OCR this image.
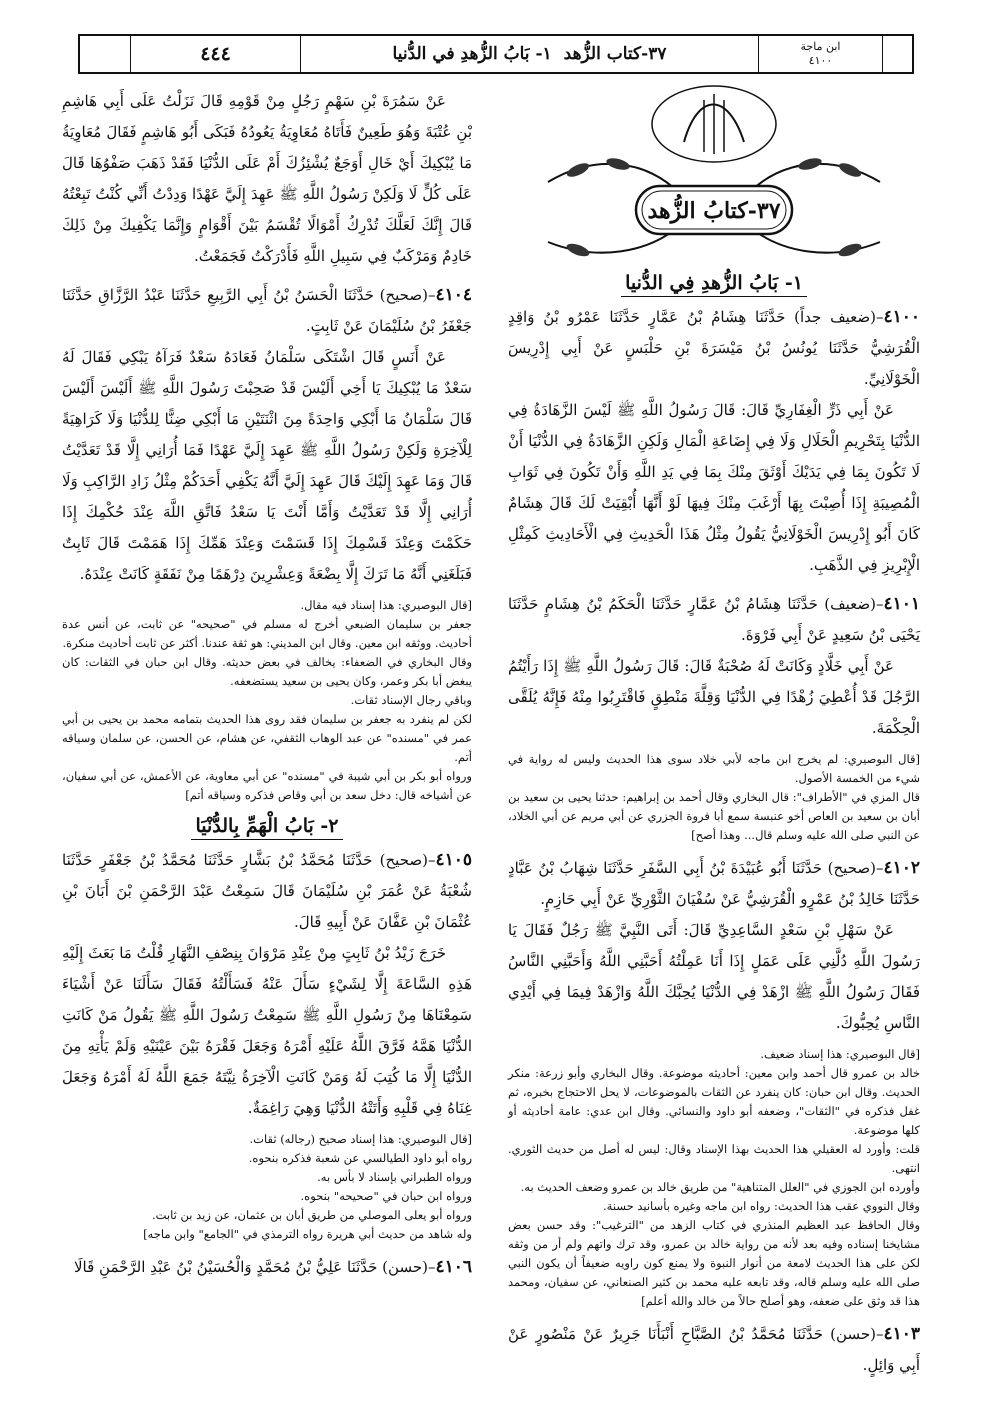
٤٤٤	٣٧-كتاب الزُّهد
١- بَابُ الزُّهدِ في الدُّنيا	ابن ماجة
٤١٠٠
٣٧-كتابُ الزُّهد
١- بَابُ الزُّهدِ فِي الدُّنيا

٤١٠٠–(ضعيف جداً) حَدَّثَنَا هِشَامُ بْنُ عَمَّارٍ حَدَّثَنَا عَمْرُو بْنُ وَاقِدٍ الْقُرَشِيُّ حَدَّثَنَا يُونُسُ بْنُ مَيْسَرَةَ بْنِ حَلْبَسٍ عَنْ أَبِي إِدْرِيسَ الْخَوْلَانِيِّ.

عَنْ أَبِي ذَرٍّ الْغِفَارِيِّ قَالَ: قَالَ رَسُولُ اللَّهِ ﷺ لَيْسَ الزَّهَادَةُ فِي الدُّنْيَا بِتَحْرِيمِ الْحَلَالِ وَلَا فِي إِضَاعَةِ الْمَالِ وَلَكِنِ الزَّهَادَةُ فِي الدُّنْيَا أَنْ لَا تَكُونَ بِمَا فِي يَدَيْكَ أَوْثَقَ مِنْكَ بِمَا فِي يَدِ اللَّهِ وَأَنْ تَكُونَ فِي ثَوَابِ الْمُصِيبَةِ إِذَا أُصِبْتَ بِهَا أَرْغَبَ مِنْكَ فِيهَا لَوْ أَنَّهَا أُبْقِيَتْ لَكَ قَالَ هِشَامٌ كَانَ أَبُو إِدْرِيسَ الْخَوْلَانِيُّ يَقُولُ مِثْلُ هَذَا الْحَدِيثِ فِي الْأَحَادِيثِ كَمِثْلِ الْإِبْرِيزِ فِي الذَّهَبِ.

٤١٠١–(ضعيف) حَدَّثَنَا هِشَامُ بْنُ عَمَّارٍ حَدَّثَنَا الْحَكَمُ بْنُ هِشَامٍ حَدَّثَنَا يَحْيَى بْنُ سَعِيدٍ عَنْ أَبِي فَرْوَةَ.

عَنْ أَبِي خَلَّادٍ وَكَانَتْ لَهُ صُحْبَةٌ قَالَ: قَالَ رَسُولُ اللَّهِ ﷺ إِذَا رَأَيْتُمُ الرَّجُلَ قَدْ أُعْطِيَ زُهْدًا فِي الدُّنْيَا وَقِلَّةَ مَنْطِقٍ فَاقْتَرِبُوا مِنْهُ فَإِنَّهُ يُلَقَّى الْحِكْمَةَ.

[قال البوصيري: لم يخرج ابن ماجه لأبي خلاد سوى هذا الحديث وليس له رواية في شيء من الخمسة الأصول.

قال المزي في "الأطراف": قال البخاري وقال أحمد بن إبراهيم: حدثنا يحيى بن سعيد بن أبان بن سعيد بن العاص أخو عنبسة سمع أبا فروة الجزري عن أبي مريم عن أبي الخلاد، عن النبي صلى الله عليه وسلم قال... وهذا أصح]

٤١٠٢–(صحيح) حَدَّثَنَا أَبُو عُبَيْدَةَ بْنُ أَبِي السَّفَرِ حَدَّثَنَا شِهَابُ بْنُ عَبَّادٍ حَدَّثَنَا خَالِدُ بْنُ عَمْرٍو الْقُرَشِيُّ عَنْ سُفْيَانَ الثَّوْرِيِّ عَنْ أَبِي حَازِمٍ.

عَنْ سَهْلِ بْنِ سَعْدٍ السَّاعِدِيِّ قَالَ: أَتَى النَّبِيَّ ﷺ رَجُلٌ فَقَالَ يَا رَسُولَ اللَّهِ دُلَّنِي عَلَى عَمَلٍ إِذَا أَنَا عَمِلْتُهُ أَحَبَّنِي اللَّهُ وَأَحَبَّنِي النَّاسُ فَقَالَ رَسُولُ اللَّهِ ﷺ ازْهَدْ فِي الدُّنْيَا يُحِبَّكَ اللَّهُ وَازْهَدْ فِيمَا فِي أَيْدِي النَّاسِ يُحِبُّوكَ.

[قال البوصيري: هذا إسناد ضعيف.

خالد بن عمرو قال أحمد وابن معين: أحاديثه موضوعة. وقال البخاري وأبو زرعة: منكر الحديث. وقال ابن حبان: كان ينفرد عن الثقات بالموضوعات، لا يحل الاحتجاج بخبره، ثم غفل فذكره في "الثقات"، وضعفه أبو داود والنسائي. وقال ابن عدي: عامة أحاديثه أو كلها موضوعة.

قلت: وأورد له العقيلي هذا الحديث بهذا الإسناد وقال: ليس له أصل من حديث الثوري. انتهى.

وأورده ابن الجوزي في "العلل المتناهية" من طريق خالد بن عمرو وضعف الحديث به.

وقال النووي عقب هذا الحديث: رواه ابن ماجه وغيره بأسانيد حسنة.

وقال الحافظ عبد العظيم المنذري في كتاب الزهد من "الترغيب": وقد حسن بعض مشايخنا إسناده وفيه بعد لأنه من رواية خالد بن عمرو، وقد ترك واتهم ولم أر من وثقه لكن على هذا الحديث لامعة من أنوار النبوة ولا يمنع كون راويه ضعيفاً أن يكون النبي صلى الله عليه وسلم قاله، وقد تابعه عليه محمد بن كثير الصنعاني، عن سفيان، ومحمد هذا قد وثق على ضعفه، وهو أصلح حالاً من خالد والله أعلم]

٤١٠٣–(حسن) حَدَّثَنَا مُحَمَّدُ بْنُ الصَّبَّاحِ أَنْبَأَنَا جَرِيرٌ عَنْ مَنْصُورٍ عَنْ أَبِي وَائِلٍ.

عَنْ سَمُرَةَ بْنِ سَهْمٍ رَجُلٍ مِنْ قَوْمِهِ قَالَ نَزَلْتُ عَلَى أَبِي هَاشِمِ بْنِ عُتْبَةَ وَهُوَ طَعِينٌ فَأَتَاهُ مُعَاوِيَةُ يَعُودُهُ فَبَكَى أَبُو هَاشِمٍ فَقَالَ مُعَاوِيَةُ مَا يُبْكِيكَ أَيْ خَالِ أَوَجَعٌ يُشْئِزُكَ أَمْ عَلَى الدُّنْيَا فَقَدْ ذَهَبَ صَفْوُهَا قَالَ عَلَى كُلٍّ لَا وَلَكِنْ رَسُولُ اللَّهِ ﷺ عَهِدَ إِلَيَّ عَهْدًا وَدِدْتُ أَنِّي كُنْتُ تَبِعْتُهُ قَالَ إِنَّكَ لَعَلَّكَ تُدْرِكُ أَمْوَالًا تُقْسَمُ بَيْنَ أَقْوَامٍ وَإِنَّمَا يَكْفِيكَ مِنْ ذَلِكَ خَادِمٌ وَمَرْكَبٌ فِي سَبِيلِ اللَّهِ فَأَدْرَكْتُ فَجَمَعْتُ.

٤١٠٤–(صحيح) حَدَّثَنَا الْحَسَنُ بْنُ أَبِي الرَّبِيعِ حَدَّثَنَا عَبْدُ الرَّزَّاقِ حَدَّثَنَا جَعْفَرُ بْنُ سُلَيْمَانَ عَنْ ثَابِتٍ.

عَنْ أَنَسٍ قَالَ اشْتَكَى سَلْمَانُ فَعَادَهُ سَعْدٌ فَرَآهُ يَبْكِي فَقَالَ لَهُ سَعْدٌ مَا يُبْكِيكَ يَا أَخِي أَلَيْسَ قَدْ صَحِبْتَ رَسُولَ اللَّهِ ﷺ أَلَيْسَ أَلَيْسَ قَالَ سَلْمَانُ مَا أَبْكِي وَاحِدَةً مِنَ اثْنَتَيْنِ مَا أَبْكِي ضِنًّا لِلدُّنْيَا وَلَا كَرَاهِيَةً لِلْآخِرَةِ وَلَكِنْ رَسُولُ اللَّهِ ﷺ عَهِدَ إِلَيَّ عَهْدًا فَمَا أُرَانِي إِلَّا قَدْ تَعَدَّيْتُ قَالَ وَمَا عَهِدَ إِلَيْكَ قَالَ عَهِدَ إِلَيَّ أَنَّهُ يَكْفِي أَحَدَكُمْ مِثْلُ زَادِ الرَّاكِبِ وَلَا أُرَانِي إِلَّا قَدْ تَعَدَّيْتُ وَأَمَّا أَنْتَ يَا سَعْدُ فَاتَّقِ اللَّهَ عِنْدَ حُكْمِكَ إِذَا حَكَمْتَ وَعِنْدَ قَسْمِكَ إِذَا قَسَمْتَ وَعِنْدَ هَمِّكَ إِذَا هَمَمْتَ قَالَ ثَابِتٌ فَبَلَغَنِي أَنَّهُ مَا تَرَكَ إِلَّا بِضْعَةً وَعِشْرِينَ دِرْهَمًا مِنْ نَفَقَةٍ كَانَتْ عِنْدَهُ.

[قال البوصيري: هذا إسناد فيه مقال.

جعفر بن سليمان الضبعي أخرج له مسلم في "صحيحه" عن ثابت، عن أنس عدة أحاديث. ووثقه ابن معين. وقال ابن المديني: هو ثقة عندنا. أكثر عن ثابت أحاديث منكرة.

وقال البخاري في الضعفاء: يخالف في بعض حديثه. وقال ابن حبان في الثقات: كان يبغض أبا بكر وعمر، وكان يحيى بن سعيد يستضعفه.

وباقي رجال الإسناد ثقات.

لكن لم ينفرد به جعفر بن سليمان فقد روى هذا الحديث بتمامه محمد بن يحيى بن أبي عمر في "مسنده" عن عبد الوهاب الثقفي، عن هشام، عن الحسن، عن سلمان وسياقه أتم.

ورواه أبو بكر بن أبي شيبة في "مسنده" عن أبي معاوية، عن الأعمش، عن أبي سفيان، عن أشياخه قال: دخل سعد بن أبي وقاص فذكره وسياقه أتم]

٢- بَابُ الْهَمِّ بِالدُّنْيَا

٤١٠٥–(صحيح) حَدَّثَنَا مُحَمَّدُ بْنُ بَشَّارٍ حَدَّثَنَا مُحَمَّدُ بْنُ جَعْفَرٍ حَدَّثَنَا شُعْبَةُ عَنْ عُمَرَ بْنِ سُلَيْمَانَ قَالَ سَمِعْتُ عَبْدَ الرَّحْمَنِ بْنَ أَبَانَ بْنِ عُثْمَانَ بْنِ عَفَّانَ عَنْ أَبِيهِ قَالَ.

خَرَجَ زَيْدُ بْنُ ثَابِتٍ مِنْ عِنْدِ مَرْوَانَ بِنِصْفِ النَّهَارِ قُلْتُ مَا بَعَثَ إِلَيْهِ هَذِهِ السَّاعَةَ إِلَّا لِشَيْءٍ سَأَلَ عَنْهُ فَسَأَلْتُهُ فَقَالَ سَأَلَنَا عَنْ أَشْيَاءَ سَمِعْنَاهَا مِنْ رَسُولِ اللَّهِ ﷺ سَمِعْتُ رَسُولَ اللَّهِ ﷺ يَقُولُ مَنْ كَانَتِ الدُّنْيَا هَمَّهُ فَرَّقَ اللَّهُ عَلَيْهِ أَمْرَهُ وَجَعَلَ فَقْرَهُ بَيْنَ عَيْنَيْهِ وَلَمْ يَأْتِهِ مِنَ الدُّنْيَا إِلَّا مَا كُتِبَ لَهُ وَمَنْ كَانَتِ الْآخِرَةُ نِيَّتَهُ جَمَعَ اللَّهُ لَهُ أَمْرَهُ وَجَعَلَ غِنَاهُ فِي قَلْبِهِ وَأَتَتْهُ الدُّنْيَا وَهِيَ رَاغِمَةٌ.

[قال البوصيري: هذا إسناد صحيح (رجاله) ثقات.

رواه أبو داود الطيالسي عن شعبة فذكره بنحوه.

ورواه الطبراني بإسناد لا بأس به.

ورواه ابن حبان في "صحيحه" بنحوه.

ورواه أبو يعلى الموصلي من طريق أبان بن عثمان، عن زيد بن ثابت.

وله شاهد من حديث أبي هريرة رواه الترمذي في "الجامع" وابن ماجه]

٤١٠٦–(حسن) حَدَّثَنَا عَلِيُّ بْنُ مُحَمَّدٍ وَالْحُسَيْنُ بْنُ عَبْدِ الرَّحْمَنِ قَالَا
